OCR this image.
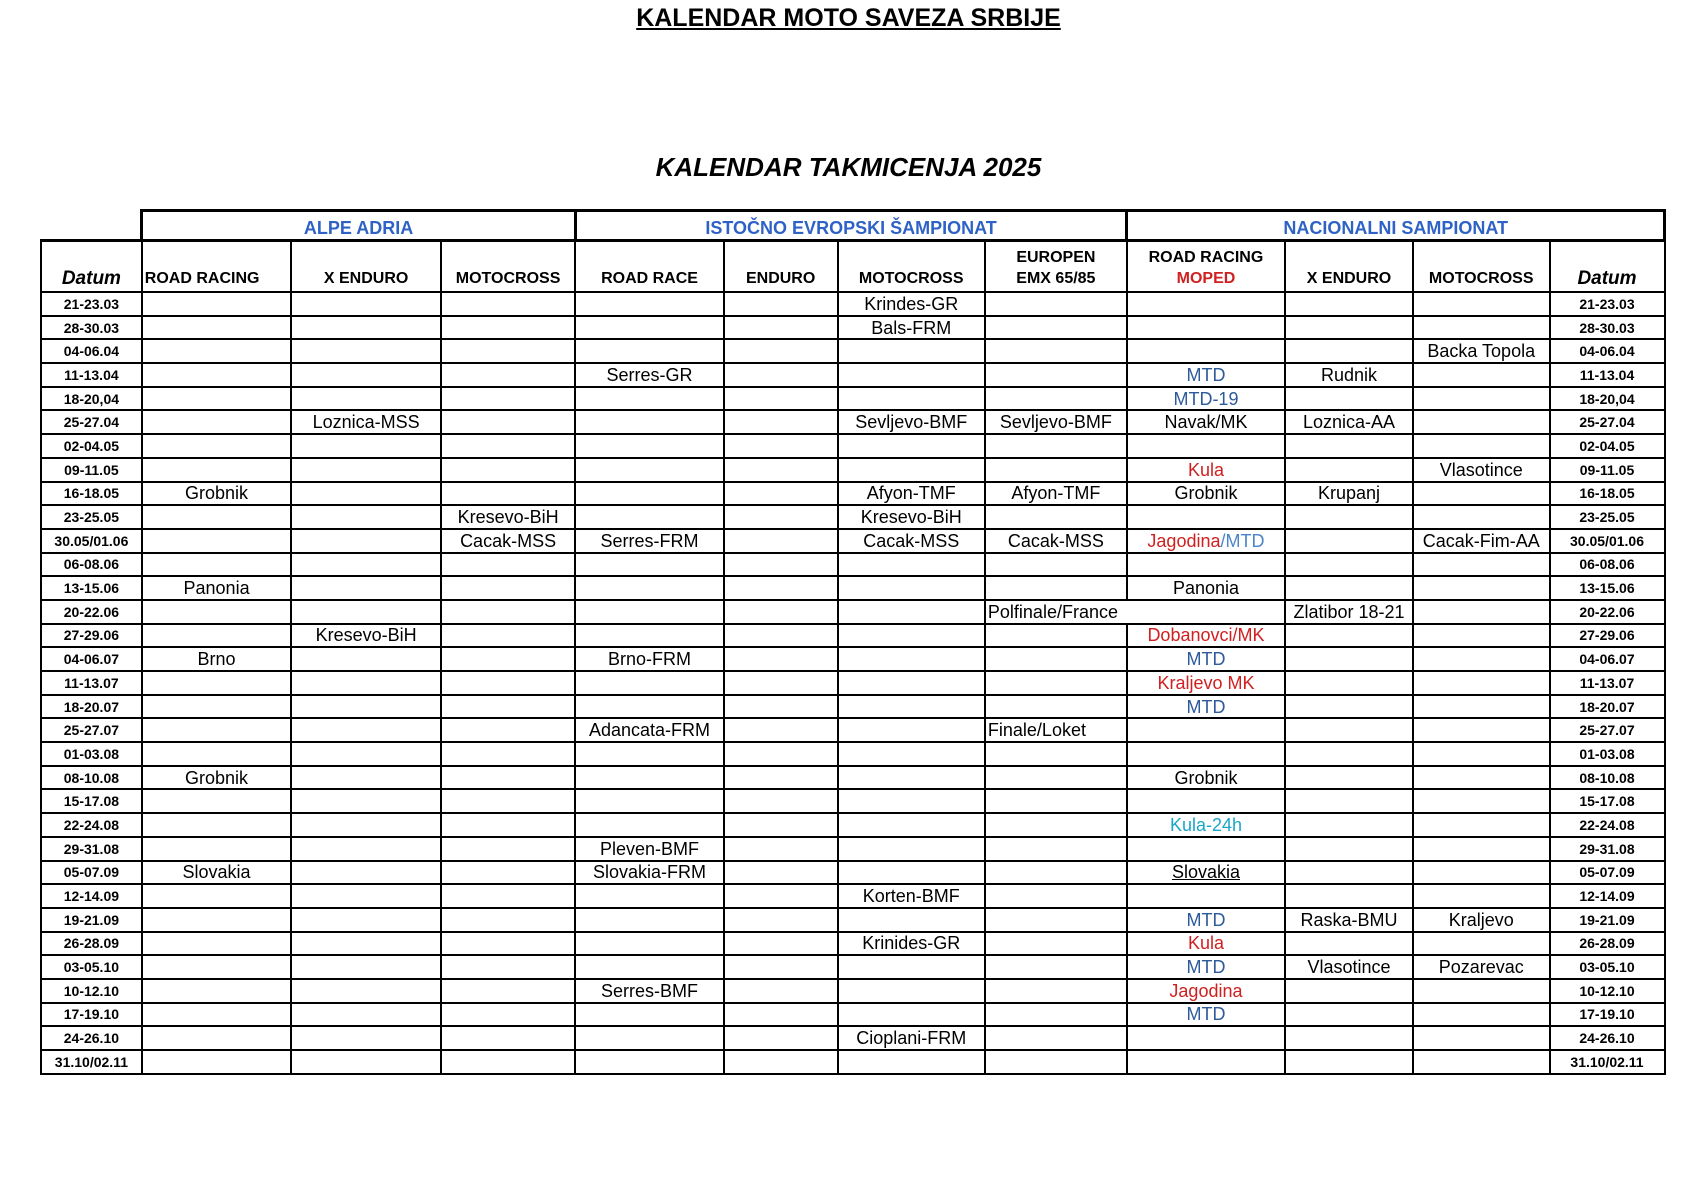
KALENDAR MOTO SAVEZA SRBIJE
KALENDAR TAKMICENJA 2025
	ALPE ADRIA			ISTOČNO EVROPSKI ŠAMPIONAT				NACIONALNI SAMPIONAT			
Datum	ROAD RACING	X ENDURO	MOTOCROSS	ROAD RACE	ENDURO	MOTOCROSS	EUROPEN
EMX 65/85	ROAD RACING
MOPED	X ENDURO	MOTOCROSS	Datum
21-23.03						Krindes-GR					21-23.03
28-30.03						Bals-FRM					28-30.03
04-06.04										Backa Topola	04-06.04
11-13.04				Serres-GR				MTD	Rudnik		11-13.04
18-20,04								MTD-19			18-20,04
25-27.04		Loznica-MSS				Sevljevo-BMF	Sevljevo-BMF	Navak/MK	Loznica-AA		25-27.04
02-04.05											02-04.05
09-11.05								Kula		Vlasotince	09-11.05
16-18.05	Grobnik					Afyon-TMF	Afyon-TMF	Grobnik	Krupanj		16-18.05
23-25.05			Kresevo-BiH			Kresevo-BiH					23-25.05
30.05/01.06			Cacak-MSS	Serres-FRM		Cacak-MSS	Cacak-MSS	Jagodina/MTD		Cacak-Fim-AA	30.05/01.06
06-08.06											06-08.06
13-15.06	Panonia							Panonia			13-15.06
20-22.06							Polfinale/France		Zlatibor 18-21		20-22.06
27-29.06		Kresevo-BiH						Dobanovci/MK			27-29.06
04-06.07	Brno			Brno-FRM				MTD			04-06.07
11-13.07								Kraljevo MK			11-13.07
18-20.07								MTD			18-20.07
25-27.07				Adancata-FRM			Finale/Loket				25-27.07
01-03.08											01-03.08
08-10.08	Grobnik							Grobnik			08-10.08
15-17.08											15-17.08
22-24.08								Kula-24h			22-24.08
29-31.08				Pleven-BMF							29-31.08
05-07.09	Slovakia			Slovakia-FRM				Slovakia			05-07.09
12-14.09						Korten-BMF					12-14.09
19-21.09								MTD	Raska-BMU	Kraljevo	19-21.09
26-28.09						Krinides-GR		Kula			26-28.09
03-05.10								MTD	Vlasotince	Pozarevac	03-05.10
10-12.10				Serres-BMF				Jagodina			10-12.10
17-19.10								MTD			17-19.10
24-26.10						Cioplani-FRM					24-26.10
31.10/02.11											31.10/02.11
